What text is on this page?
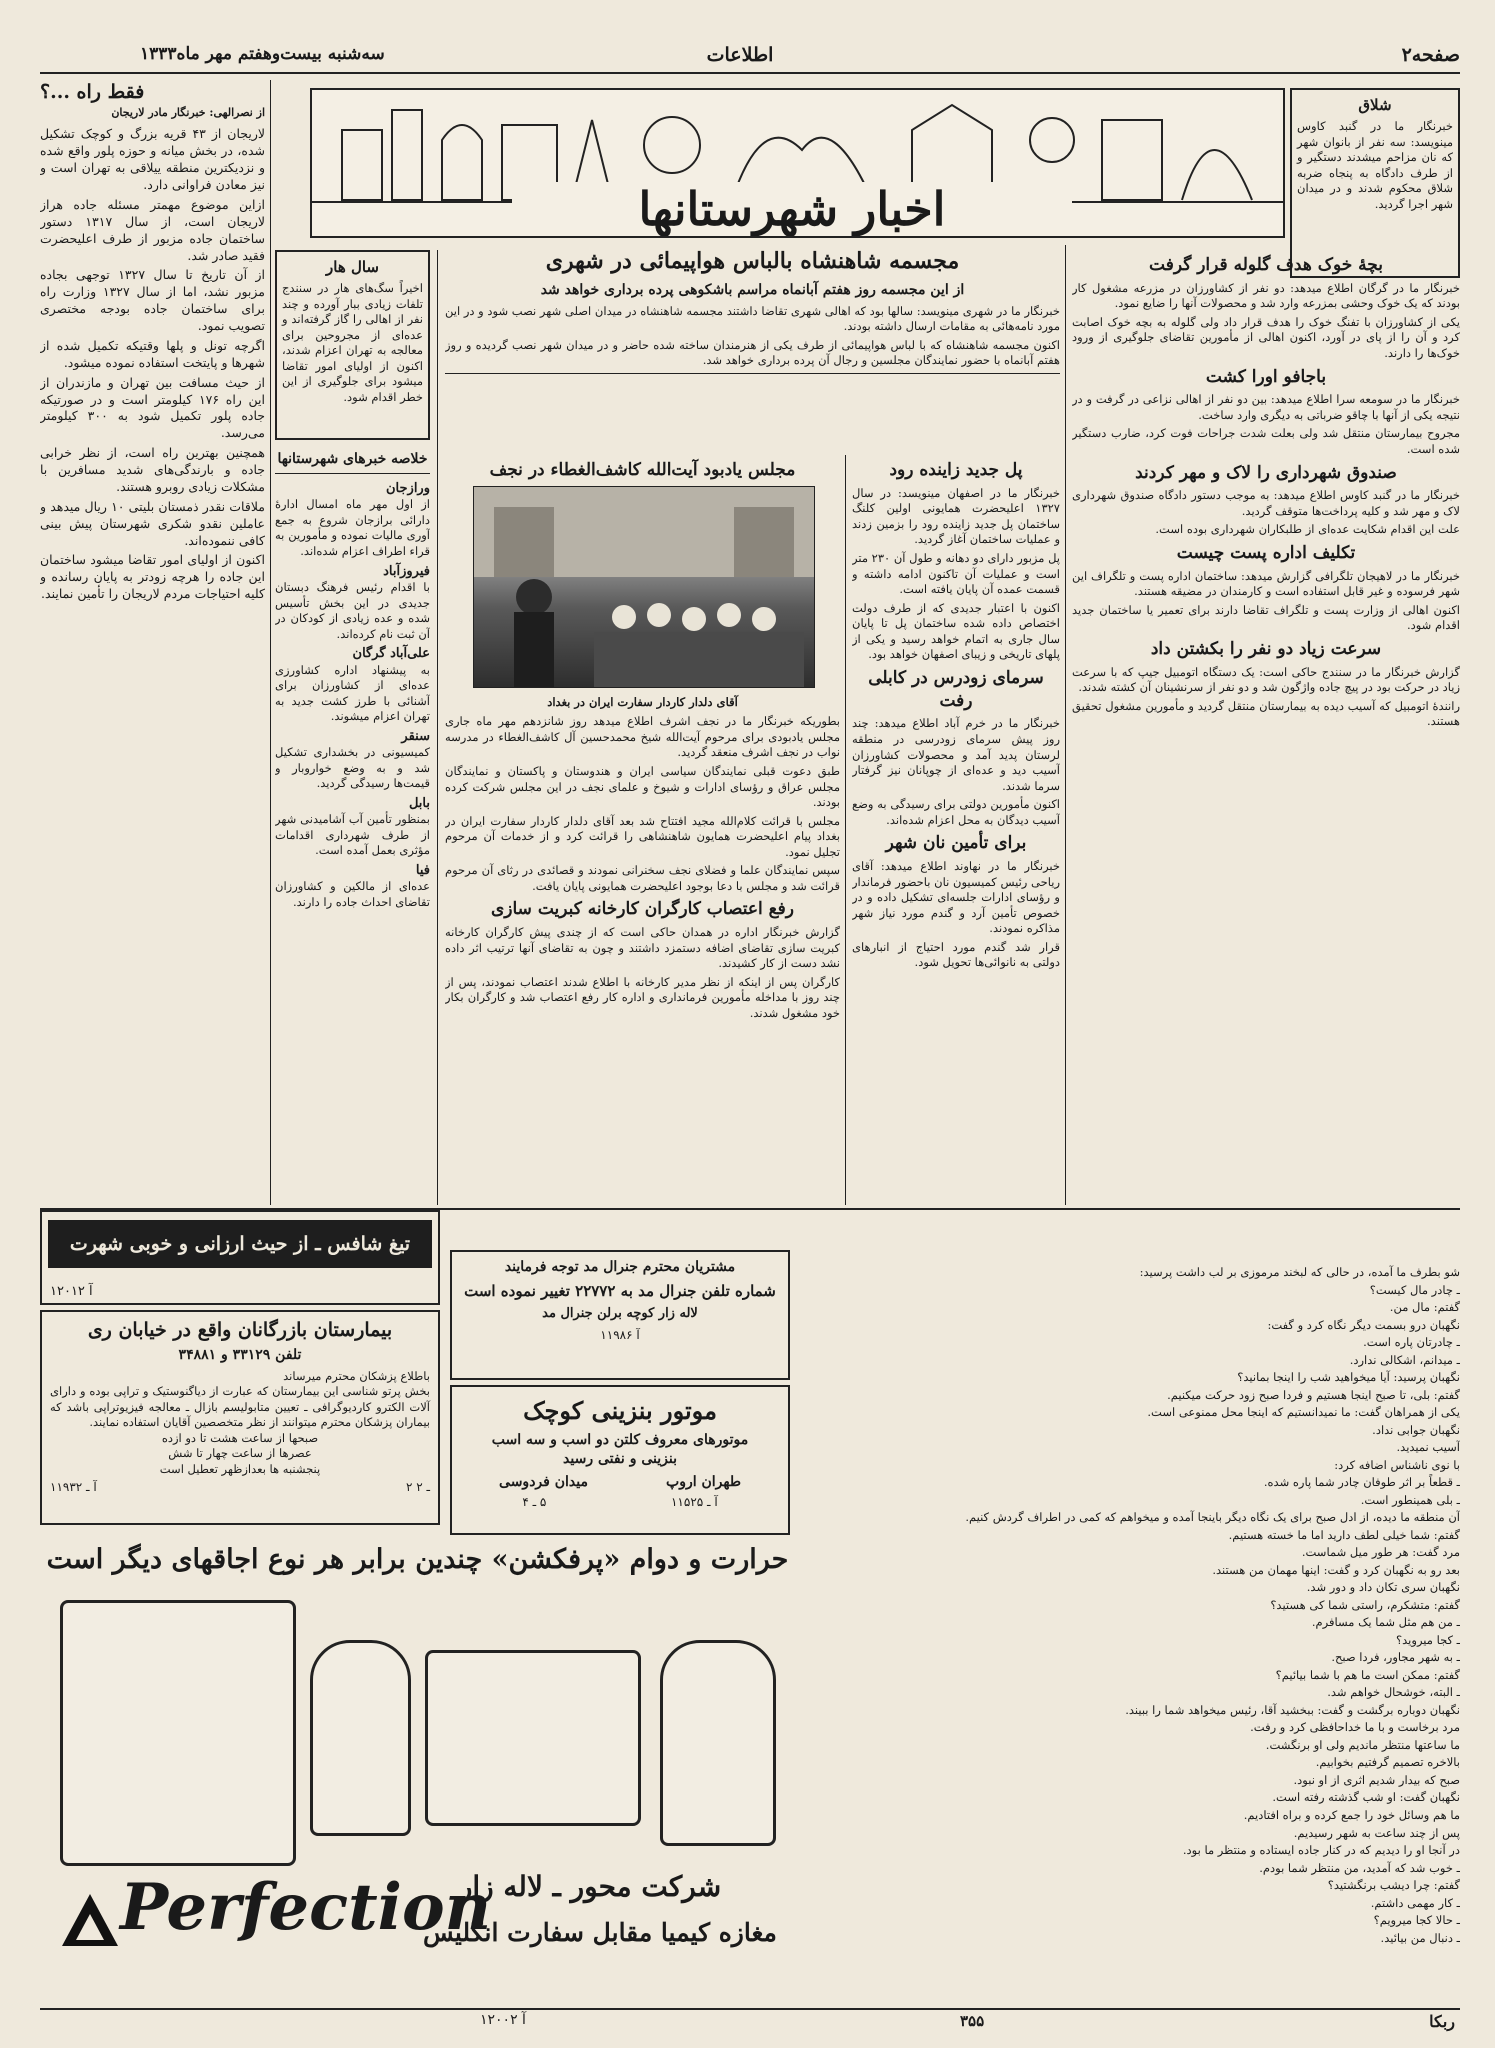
صفحه۲
اطلاعات
سه‌شنبه بیست‌وهفتم مهر ماه۱۳۳۳
فقط راه ...؟
از نصرالهی: خبرنگار مادر لاریجان

لاریجان از ۴۳ قریه بزرگ و کوچک تشکیل شده، در بخش میانه و حوزه پلور واقع شده و نزدیکترین منطقه ییلاقی به تهران است و نیز معادن فراوانی دارد.

ازاین موضوع مهمتر مسئله جاده هراز لاریجان است، از سال ۱۳۱۷ دستور ساختمان جاده مزبور از طرف اعلیحضرت فقید صادر شد.

از آن تاریخ تا سال ۱۳۲۷ توجهی بجاده مزبور نشد، اما از سال ۱۳۲۷ وزارت راه برای ساختمان جاده بودجه مختصری تصویب نمود.

اگرچه تونل و پلها وقتیکه تکمیل شده از شهرها و پایتخت استفاده نموده میشود.

از حیث مسافت بین تهران و مازندران از این راه ۱۷۶ کیلومتر است و در صورتیکه جاده پلور تکمیل شود به ۳۰۰ کیلومتر می‌رسد.

همچنین بهترین راه است، از نظر خرابی جاده و بارندگی‌های شدید مسافرین با مشکلات زیادی روبرو هستند.

ملاقات نقدر ذمستان بلیتی ۱۰ ریال میدهد و عاملین نقدو شکری شهرستان پیش بینی کافی ننموده‌اند.

اکنون از اولیای امور تقاضا میشود ساختمان این جاده را هرچه زودتر به پایان رسانده و کلیه احتیاجات مردم لاریجان را تأمین نمایند.

اخبار شهرستانها
شلاق
خبرنگار ما در گنبد کاوس مینویسد: سه نفر از بانوان شهر که نان مزاحم میشدند دستگیر و از طرف دادگاه به پنجاه ضربه شلاق محکوم شدند و در میدان شهر اجرا گردید.
سال هار
اخیراً سگ‌های هار در سنندج تلفات زیادی ببار آورده و چند نفر از اهالی را گاز گرفته‌اند و عده‌ای از مجروحین برای معالجه به تهران اعزام شدند، اکنون از اولیای امور تقاضا میشود برای جلوگیری از این خطر اقدام شود.
خلاصه خبرهای شهرستانها
ورازجان

از اول مهر ماه امسال ادارهٔ دارائی برازجان شروع به جمع آوری مالیات نموده و مأمورین به قراء اطراف اعزام شده‌اند.

فیروزآباد

با اقدام رئیس فرهنگ دبستان جدیدی در این بخش تأسیس شده و عده زیادی از کودکان در آن ثبت نام کرده‌اند.

علی‌آباد گرگان

به پیشنهاد اداره کشاورزی عده‌ای از کشاورزان برای آشنائی با طرز کشت جدید به تهران اعزام میشوند.

سنقر

کمیسیونی در بخشداری تشکیل شد و به وضع خواروبار و قیمت‌ها رسیدگی گردید.

بابل

بمنظور تأمین آب آشامیدنی شهر از طرف شهرداری اقدامات مؤثری بعمل آمده است.

فیا

عده‌ای از مالکین و کشاورزان تقاضای احداث جاده را دارند.

مجسمه شاهنشاه بالباس هواپیمائی در شهری
از این مجسمه روز هفتم آبانماه مراسم باشکوهی پرده برداری خواهد شد

خبرنگار ما در شهری مینویسد: سالها بود که اهالی شهری تقاضا داشتند مجسمه شاهنشاه در میدان اصلی شهر نصب شود و در این مورد نامه‌هائی به مقامات ارسال داشته بودند.

اکنون مجسمه شاهنشاه که با لباس هواپیمائی از طرف یکی از هنرمندان ساخته شده حاضر و در میدان شهر نصب گردیده و روز هفتم آبانماه با حضور نمایندگان مجلسین و رجال آن پرده برداری خواهد شد.

مجلس یادبود آیت‌الله کاشف‌الغطاء در نجف
آقای دلدار کاردار سفارت ایران در بغداد

بطوریکه خبرنگار ما در نجف اشرف اطلاع میدهد روز شانزدهم مهر ماه جاری مجلس یادبودی برای مرحوم آیت‌الله شیخ محمدحسین آل کاشف‌الغطاء در مدرسه نواب در نجف اشرف منعقد گردید.

طبق دعوت قبلی نمایندگان سیاسی ایران و هندوستان و پاکستان و نمایندگان مجلس عراق و رؤسای ادارات و شیوخ و علمای نجف در این مجلس شرکت کرده بودند.

مجلس با قرائت کلام‌الله مجید افتتاح شد بعد آقای دلدار کاردار سفارت ایران در بغداد پیام اعلیحضرت همایون شاهنشاهی را قرائت کرد و از خدمات آن مرحوم تجلیل نمود.

سپس نمایندگان علما و فضلای نجف سخنرانی نمودند و قصائدی در رثای آن مرحوم قرائت شد و مجلس با دعا بوجود اعلیحضرت همایونی پایان یافت.

رفع اعتصاب کارگران کارخانه کبریت سازی

گزارش خبرنگار اداره در همدان حاکی است که از چندی پیش کارگران کارخانه کبریت سازی تقاضای اضافه دستمزد داشتند و چون به تقاضای آنها ترتیب اثر داده نشد دست از کار کشیدند.

کارگران پس از اینکه از نظر مدیر کارخانه با اطلاع شدند اعتصاب نمودند، پس از چند روز با مداخله مأمورین فرمانداری و اداره کار رفع اعتصاب شد و کارگران بکار خود مشغول شدند.

پل جدید زاینده رود

خبرنگار ما در اصفهان مینویسد: در سال ۱۳۲۷ اعلیحضرت همایونی اولین کلنگ ساختمان پل جدید زاینده رود را بزمین زدند و عملیات ساختمان آغاز گردید.

پل مزبور دارای دو دهانه و طول آن ۲۳۰ متر است و عملیات آن تاکنون ادامه داشته و قسمت عمده آن پایان یافته است.

اکنون با اعتبار جدیدی که از طرف دولت اختصاص داده شده ساختمان پل تا پایان سال جاری به اتمام خواهد رسید و یکی از پلهای تاریخی و زیبای اصفهان خواهد بود.

سرمای زودرس در کابلی رفت

خبرنگار ما در خرم آباد اطلاع میدهد: چند روز پیش سرمای زودرسی در منطقه لرستان پدید آمد و محصولات کشاورزان آسیب دید و عده‌ای از چوپانان نیز گرفتار سرما شدند.

اکنون مأمورین دولتی برای رسیدگی به وضع آسیب دیدگان به محل اعزام شده‌اند.

برای تأمین نان شهر

خبرنگار ما در نهاوند اطلاع میدهد: آقای ریاحی رئیس کمیسیون نان باحضور فرماندار و رؤسای ادارات جلسه‌ای تشکیل داده و در خصوص تأمین آرد و گندم مورد نیاز شهر مذاکره نمودند.

قرار شد گندم مورد احتیاج از انبارهای دولتی به نانوائی‌ها تحویل شود.

بچهٔ خوک هدف گلوله قرار گرفت

خبرنگار ما در گرگان اطلاع میدهد: دو نفر از کشاورزان در مزرعه مشغول کار بودند که یک خوک وحشی بمزرعه وارد شد و محصولات آنها را ضایع نمود.

یکی از کشاورزان با تفنگ خوک را هدف قرار داد ولی گلوله به بچه خوک اصابت کرد و آن را از پای در آورد، اکنون اهالی از مأمورین تقاضای جلوگیری از ورود خوک‌ها را دارند.

باجافو اورا کشت

خبرنگار ما در سومعه سرا اطلاع میدهد: بین دو نفر از اهالی نزاعی در گرفت و در نتیجه یکی از آنها با چاقو ضرباتی به دیگری وارد ساخت.

مجروح بیمارستان منتقل شد ولی بعلت شدت جراحات فوت کرد، ضارب دستگیر شده است.

صندوق شهرداری را لاک و مهر کردند

خبرنگار ما در گنبد کاوس اطلاع میدهد: به موجب دستور دادگاه صندوق شهرداری لاک و مهر شد و کلیه پرداخت‌ها متوقف گردید.

علت این اقدام شکایت عده‌ای از طلبکاران شهرداری بوده است.

تکلیف اداره پست چیست

خبرنگار ما در لاهیجان تلگرافی گزارش میدهد: ساختمان اداره پست و تلگراف این شهر فرسوده و غیر قابل استفاده است و کارمندان در مضیقه هستند.

اکنون اهالی از وزارت پست و تلگراف تقاضا دارند برای تعمیر یا ساختمان جدید اقدام شود.

سرعت زیاد دو نفر را بکشتن داد

گزارش خبرنگار ما در سنندج حاکی است: یک دستگاه اتومبیل جیپ که با سرعت زیاد در حرکت بود در پیچ جاده واژگون شد و دو نفر از سرنشینان آن کشته شدند.

رانندهٔ اتومبیل که آسیب دیده به بیمارستان منتقل گردید و مأمورین مشغول تحقیق هستند.

تیغ شافس ـ از حیث ارزانی و خوبی شهرت جهانی دارد
آ ۱۲۰۱۲
بیمارستان بازرگانان واقع در خیابان ری
تلفن ۳۳۱۲۹ و ۳۴۸۸۱
باطلاع پزشکان محترم میرساند
بخش پرتو شناسی این بیمارستان که عبارت از دیاگنوستیک و تراپی بوده و دارای آلات الکترو کاردیوگرافی ـ تعیین متابولیسم بازال ـ معالجه فیزیوتراپی باشد که بیماران پزشکان محترم میتوانند از نظر متخصصین آقایان استفاده نمایند.
صبحها از ساعت هشت تا دو ازده
عصرها از ساعت چهار تا شش
پنجشنبه ها بعدازظهر تعطیل است
آ ـ ۱۱۹۳۲	۲ ـ ۲
مشتریان محترم جنرال مد توجه فرمایند
شماره تلفن جنرال مد به ۲۲۷۷۲ تغییر نموده است
لاله زار کوچه برلن جنرال مد
آ ۱۱۹۸۶
موتور بنزینی کوچک
موتورهای معروف کلتن دو اسب و سه اسب
بنزینی و نفتی رسید
طهران اروپ
میدان فردوسی
آ ـ ۱۱۵۲۵
۵ ـ ۴
شو بطرف ما آمده، در حالی که لبخند مرموزی بر لب داشت پرسید:
ـ چادر مال کیست؟
گفتم: مال من.
نگهبان درو بسمت دیگر نگاه کرد و گفت:
ـ چادرتان پاره است.
ـ میدانم، اشکالی ندارد.
نگهبان پرسید: آیا میخواهید شب را اینجا بمانید؟
گفتم: بلی، تا صبح اینجا هستیم و فردا صبح زود حرکت میکنیم.
یکی از همراهان گفت: ما نمیدانستیم که اینجا محل ممنوعی است.
نگهبان جوابی نداد.
آسیب نمیدید.
با نوی ناشناس اضافه کرد:
ـ قطعاً بر اثر طوفان چادر شما پاره شده.
ـ بلی همینطور است.
آن منطقه ما دیده، از ادل صبح برای یک نگاه دیگر باینجا آمده و میخواهم که کمی در اطراف گردش کنیم.
گفتم: شما خیلی لطف دارید اما ما خسته هستیم.
مرد گفت: هر طور میل شماست.
بعد رو به نگهبان کرد و گفت: اینها مهمان من هستند.
نگهبان سری تکان داد و دور شد.
گفتم: متشکرم، راستی شما کی هستید؟
ـ من هم مثل شما یک مسافرم.
ـ کجا میروید؟
ـ به شهر مجاور، فردا صبح.
گفتم: ممکن است ما هم با شما بیائیم؟
ـ البته، خوشحال خواهم شد.
نگهبان دوباره برگشت و گفت: ببخشید آقا، رئیس میخواهد شما را ببیند.
مرد برخاست و با ما خداحافظی کرد و رفت.
ما ساعتها منتظر ماندیم ولی او برنگشت.
بالاخره تصمیم گرفتیم بخوابیم.
صبح که بیدار شدیم اثری از او نبود.
نگهبان گفت: او شب گذشته رفته است.
ما هم وسائل خود را جمع کرده و براه افتادیم.
پس از چند ساعت به شهر رسیدیم.
در آنجا او را دیدیم که در کنار جاده ایستاده و منتظر ما بود.
ـ خوب شد که آمدید، من منتظر شما بودم.
گفتم: چرا دیشب برنگشتید؟
ـ کار مهمی داشتم.
ـ حالا کجا میرویم؟
ـ دنبال من بیائید.
حرارت و دوام «پرفکشن» چندین برابر هر نوع اجاقهای دیگر است
شرکت محور ـ لاله زار
مغازه کیمیا مقابل سفارت انگلیس
Perfection
ربکا
۳۵۵
آ ۱۲۰۰۲
